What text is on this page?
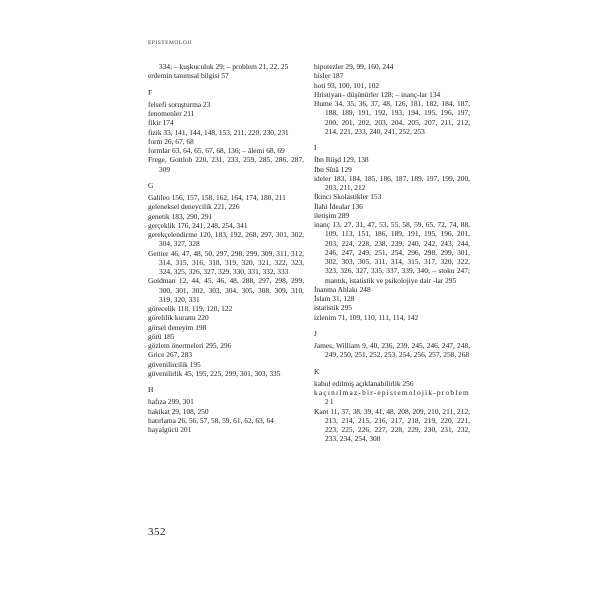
EPISTEMOLOJI
334; – kuşkuculuk 29; – problem 21, 22, 25
erdemin tanımsal bilgisi 57
F
felsefi soruşturma 23
fenomenler 211
fikir 174
fizik 33, 141, 144, 148, 153, 211, 220, 230, 231
form 26, 67, 68
formlar 63, 64, 65, 67, 68, 136; – âlemi 68, 69
Frege, Gottlob 220, 231, 233, 259, 285, 286, 287, 309
G
Galileo 156, 157, 158, 162, 164, 174, 180, 211
geleneksel deneycilik 221, 226
genetik 183, 290, 291
gerçeklik 176, 241, 248, 254, 341
gerekçelendirme 120, 183, 192, 268, 297, 301, 302, 304, 327, 328
Gettier 46, 47, 48, 50, 297, 298, 299, 309, 311, 312, 314, 315, 316, 318, 319, 320, 321, 322, 323, 324, 325, 326, 327, 329, 330, 331, 332, 333
Goldman 12, 44, 45, 46, 48, 288, 297, 298, 299, 300, 301, 302, 303, 304, 305, 308, 309, 310, 319, 320, 331
görecelik 118, 119, 120, 122
görelilik kuramı 220
görsel deneyim 198
görü 185
gözlem önermeleri 295, 296
Grice 267, 283
güvenilircilik 195
güvenilirlik 45, 195, 225, 299, 301, 303, 335
H
hafıza 299, 301
hakikat 29, 108, 250
hatırlama 26, 56, 57, 58, 59, 61, 62, 63, 64
hayalgücü 201
hipotezler 29, 99, 160, 244
hisler 187
hoti 93, 100, 101, 102
Hristiyan– düşünürler 128; – inanç-lar 134
Hume 34, 35, 36, 37, 48, 126, 181, 182, 184, 187, 188, 189, 191, 192, 193, 194, 195, 196, 197, 200, 201, 202, 203, 204, 205, 207, 211, 212, 214, 221, 233, 240, 241, 252, 253
I
İbn Rüşd 129, 138
İbn Sînâ 129
ideler 183, 184, 185, 186, 187, 189, 197, 199, 200, 203, 211, 212
İkinci Skolastikler 153
İlahi İdealar 136
iletişim 289
inanç 13, 27, 31, 47, 53, 55, 58, 59, 65, 72, 74, 88, 109, 113, 151, 186, 189, 191, 195, 196, 201, 203, 224, 228, 238, 239, 240, 242, 243, 244, 246, 247, 249, 251, 254, 296, 298, 299, 301, 302, 303, 305, 311, 314, 315, 317, 320, 322, 323, 326, 327, 335, 337, 339, 340; – stoku 247; mantık, istatistik ve psikolojiye dair -lar 295
İnanma Ahlakı 248
İslam 31, 128
istatistik 295
izlenim 71, 109, 110, 111, 114, 142
J
James, William 9, 40, 236, 239, 245, 246, 247, 248, 249, 250, 251, 252, 253, 254, 256, 257, 258, 268
K
kabul edilmiş açıklanabilirlik 256
kaçınılmaz-bir-epistemolojik-problem 21
Kant 11, 37, 38, 39, 41, 48, 208, 209, 210, 211, 212, 213, 214, 215, 216, 217, 218, 219, 220, 221, 223, 225, 226, 227, 228, 229, 230, 231, 232, 233, 234, 254, 308
352
